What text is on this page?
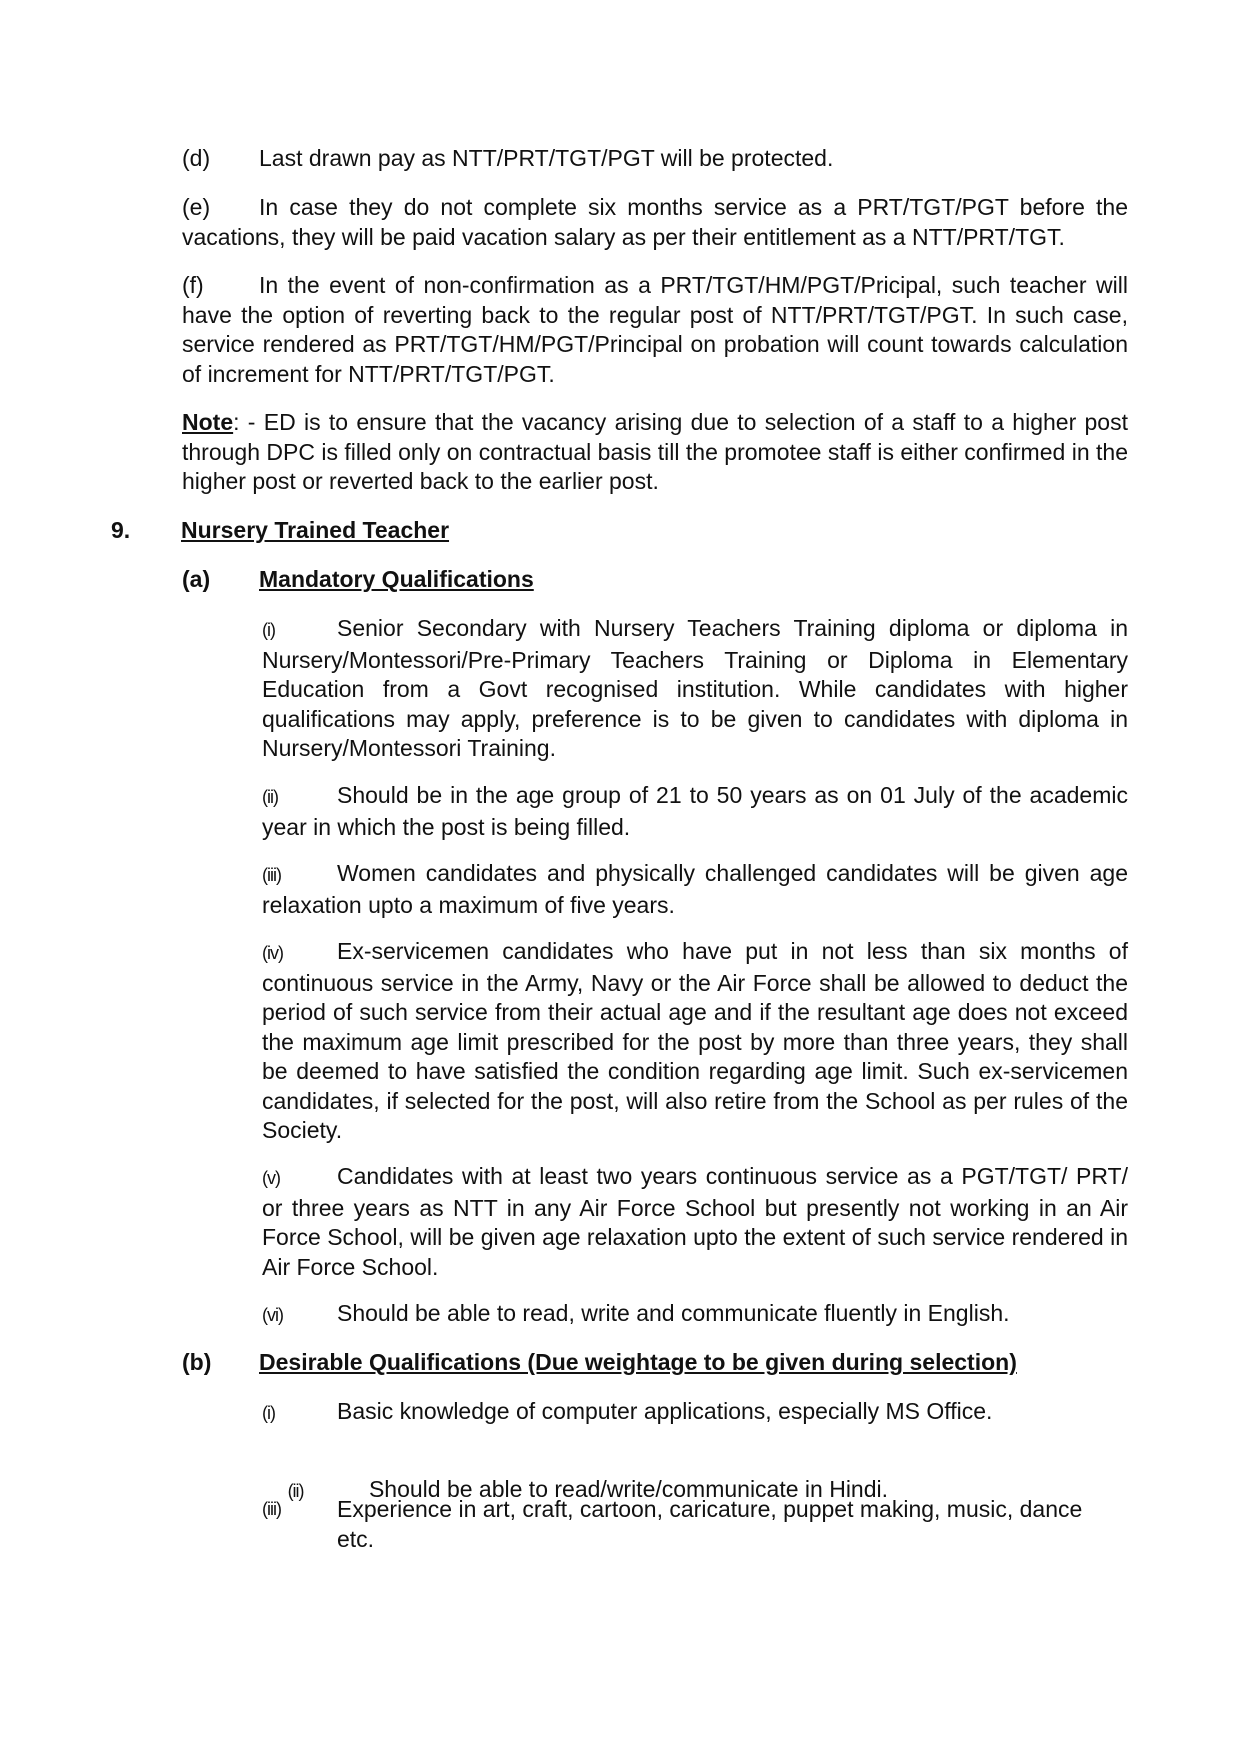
(d) Last drawn pay as NTT/PRT/TGT/PGT will be protected.
(e) In case they do not complete six months service as a PRT/TGT/PGT before the vacations, they will be paid vacation salary as per their entitlement as a NTT/PRT/TGT.
(f) In the event of non-confirmation as a PRT/TGT/HM/PGT/Pricipal, such teacher will have the option of reverting back to the regular post of NTT/PRT/TGT/PGT. In such case, service rendered as PRT/TGT/HM/PGT/Principal on probation will count towards calculation of increment for NTT/PRT/TGT/PGT.
Note: - ED is to ensure that the vacancy arising due to selection of a staff to a higher post through DPC is filled only on contractual basis till the promotee staff is either confirmed in the higher post or reverted back to the earlier post.
9. Nursery Trained Teacher
(a) Mandatory Qualifications
(i)	Senior Secondary with Nursery Teachers Training diploma or diploma in Nursery/Montessori/Pre-Primary Teachers Training or Diploma in Elementary Education from a Govt recognised institution. While candidates with higher qualifications may apply, preference is to be given to candidates with diploma in Nursery/Montessori Training.
(ii)	Should be in the age group of 21 to 50 years as on 01 July of the academic year in which the post is being filled.
(iii) Women candidates and physically challenged candidates will be given age relaxation upto a maximum of five years.
(iv) Ex-servicemen candidates who have put in not less than six months of continuous service in the Army, Navy or the Air Force shall be allowed to deduct the period of such service from their actual age and if the resultant age does not exceed the maximum age limit prescribed for the post by more than three years, they shall be deemed to have satisfied the condition regarding age limit. Such ex-servicemen candidates, if selected for the post, will also retire from the School as per rules of the Society.
(v) Candidates with at least two years continuous service as a PGT/TGT/ PRT/ or three years as NTT in any Air Force School but presently not working in an Air Force School, will be given age relaxation upto the extent of such service rendered in Air Force School.
(vi) Should be able to read, write and communicate fluently in English.
(b) Desirable Qualifications (Due weightage to be given during selection)
(i)	Basic knowledge of computer applications, especially MS Office.

(ii)	Should be able to read/write/communicate in Hindi.

(iii)	Experience in art, craft, cartoon, caricature, puppet making, music, dance etc.
